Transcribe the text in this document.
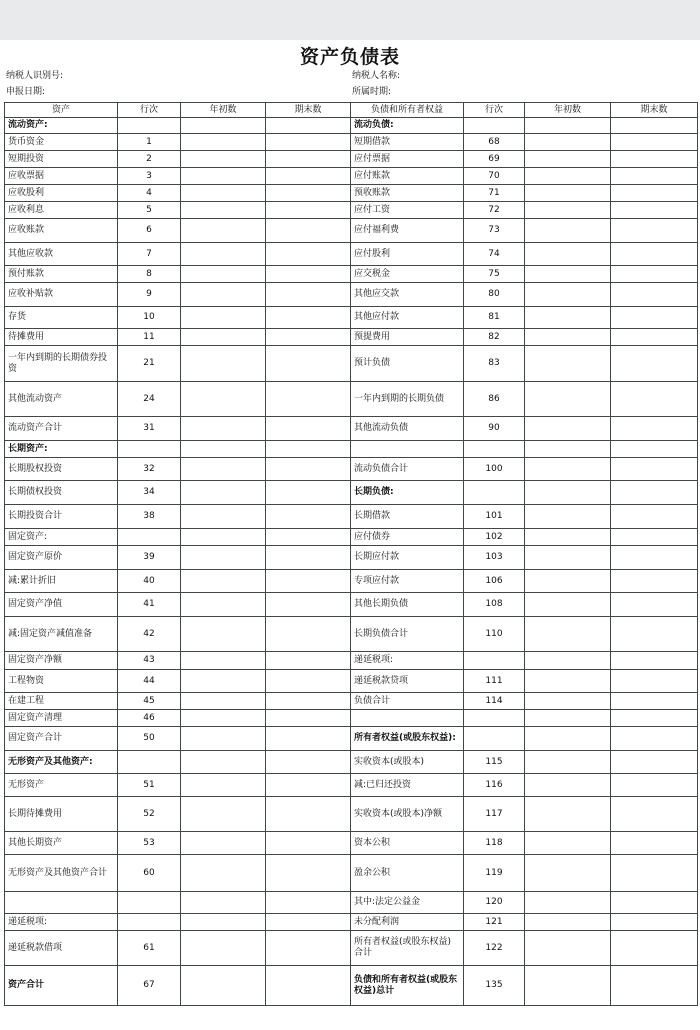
资产负债表
纳税人识别号:	纳税人名称:
申报日期:	所属时期:
资产	行次	年初数	期末数	负债和所有者权益	行次	年初数	期末数
流动资产:				流动负债:			
货币资金	1			短期借款	68		
短期投资	2			应付票据	69		
应收票据	3			应付账款	70		
应收股利	4			预收账款	71		
应收利息	5			应付工资	72		
应收账款	6			应付福利费	73		
其他应收款	7			应付股利	74		
预付账款	8			应交税金	75		
应收补贴款	9			其他应交款	80		
存货	10			其他应付款	81		
待摊费用	11			预提费用	82		
一年内到期的长期债券投资	21			预计负债	83		
其他流动资产	24			一年内到期的长期负债	86		
流动资产合计	31			其他流动负债	90		
长期资产:							
长期股权投资	32			流动负债合计	100		
长期债权投资	34			长期负债:			
长期投资合计	38			长期借款	101		
固定资产:				应付债券	102		
固定资产原价	39			长期应付款	103		
减:累计折旧	40			专项应付款	106		
固定资产净值	41			其他长期负债	108		
减:固定资产减值准备	42			长期负债合计	110		
固定资产净额	43			递延税项:			
工程物资	44			递延税款贷项	111		
在建工程	45			负债合计	114		
固定资产清理	46						
固定资产合计	50			所有者权益(或股东权益):			
无形资产及其他资产:				实收资本(或股本)	115		
无形资产	51			减:已归还投资	116		
长期待摊费用	52			实收资本(或股本)净额	117		
其他长期资产	53			资本公积	118		
无形资产及其他资产合计	60			盈余公积	119		
				其中:法定公益金	120		
递延税项:				未分配利润	121		
递延税款借项	61			所有者权益(或股东权益)合计	122		
资产合计	67			负债和所有者权益(或股东权益)总计	135		
